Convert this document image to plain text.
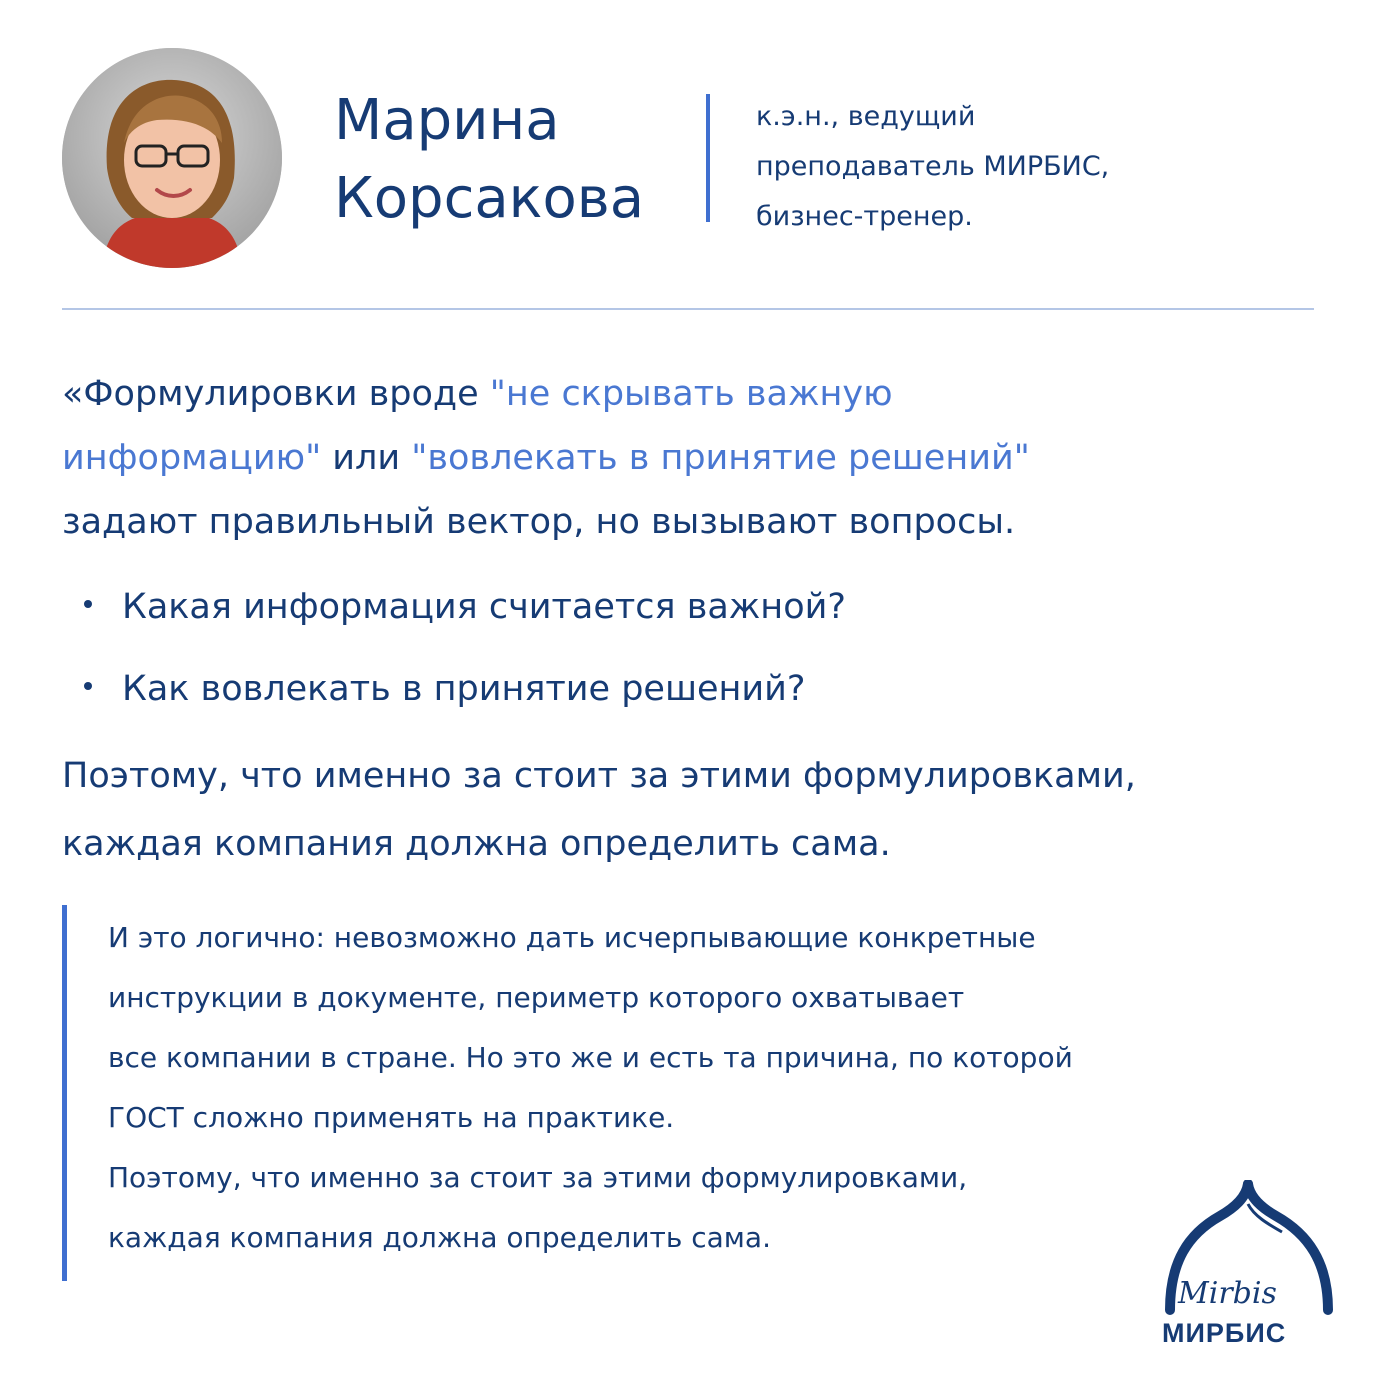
Марина
Корсакова
к.э.н., ведущий
преподаватель МИРБИС,
бизнес-тренер.
«Формулировки вроде "не скрывать важную
информацию" или "вовлекать в принятие решений"
задают правильный вектор, но вызывают вопросы.
Какая информация считается важной?
Как вовлекать в принятие решений?
Поэтому, что именно за стоит за этими формулировками,
каждая компания должна определить сама.
И это логично: невозможно дать исчерпывающие конкретные
инструкции в документе, периметр которого охватывает
все компании в стране. Но это же и есть та причина, по которой
ГОСТ сложно применять на практике.
Поэтому, что именно за стоит за этими формулировками,
каждая компания должна определить сама.
Mirbis
МИРБИС
